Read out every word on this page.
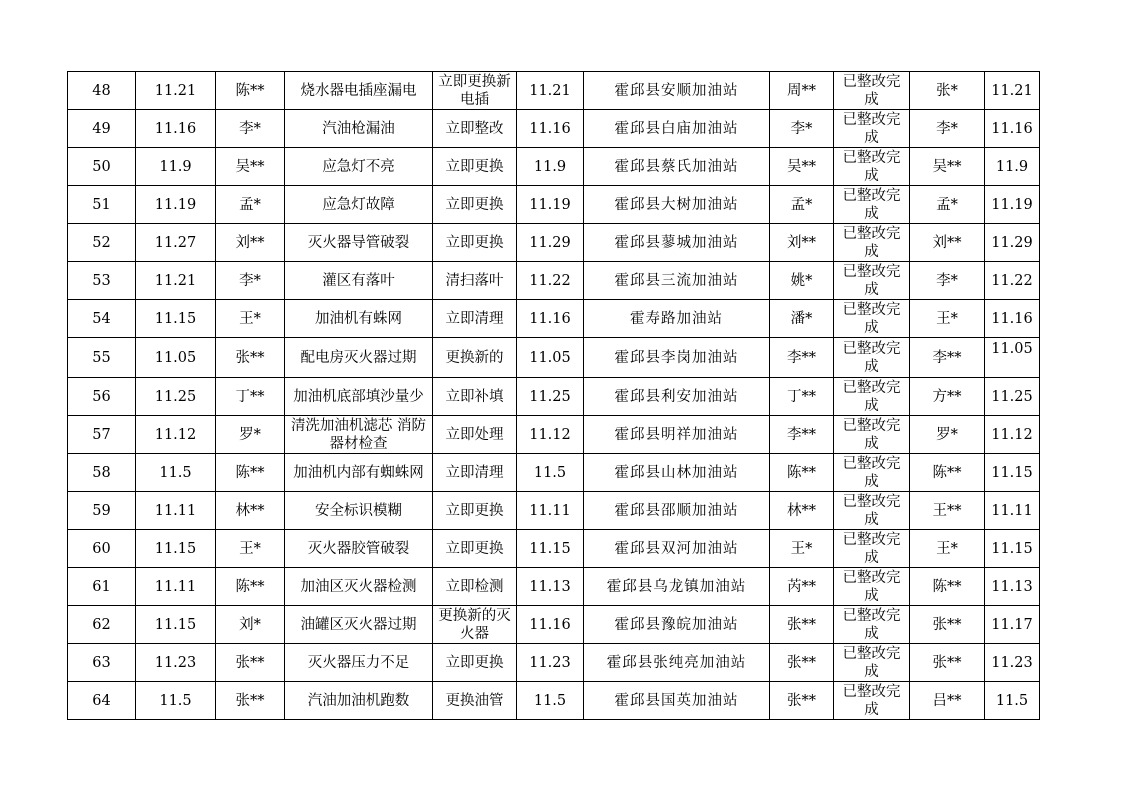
48	11.21	陈**	烧水器电插座漏电	立即更换新电插	11.21	霍邱县安顺加油站	周**	已整改完成	张*	11.21
49	11.16	李*	汽油枪漏油	立即整改	11.16	霍邱县白庙加油站	李*	已整改完成	李*	11.16
50	11.9	吴**	应急灯不亮	立即更换	11.9	霍邱县蔡氏加油站	吴**	已整改完成	吴**	11.9
51	11.19	孟*	应急灯故障	立即更换	11.19	霍邱县大树加油站	孟*	已整改完成	孟*	11.19
52	11.27	刘**	灭火器导管破裂	立即更换	11.29	霍邱县蓼城加油站	刘**	已整改完成	刘**	11.29
53	11.21	李*	灌区有落叶	清扫落叶	11.22	霍邱县三流加油站	姚*	已整改完成	李*	11.22
54	11.15	王*	加油机有蛛网	立即清理	11.16	霍寿路加油站	潘*	已整改完成	王*	11.16
55	11.05	张**	配电房灭火器过期	更换新的	11.05	霍邱县李岗加油站	李**	已整改完成	李**	11.05
56	11.25	丁**	加油机底部填沙量少	立即补填	11.25	霍邱县利安加油站	丁**	已整改完成	方**	11.25
57	11.12	罗*	清洗加油机滤芯 消防器材检查	立即处理	11.12	霍邱县明祥加油站	李**	已整改完成	罗*	11.12
58	11.5	陈**	加油机内部有蜘蛛网	立即清理	11.5	霍邱县山林加油站	陈**	已整改完成	陈**	11.15
59	11.11	林**	安全标识模糊	立即更换	11.11	霍邱县邵顺加油站	林**	已整改完成	王**	11.11
60	11.15	王*	灭火器胶管破裂	立即更换	11.15	霍邱县双河加油站	王*	已整改完成	王*	11.15
61	11.11	陈**	加油区灭火器检测	立即检测	11.13	霍邱县乌龙镇加油站	芮**	已整改完成	陈**	11.13
62	11.15	刘*	油罐区灭火器过期	更换新的灭火器	11.16	霍邱县豫皖加油站	张**	已整改完成	张**	11.17
63	11.23	张**	灭火器压力不足	立即更换	11.23	霍邱县张纯亮加油站	张**	已整改完成	张**	11.23
64	11.5	张**	汽油加油机跑数	更换油管	11.5	霍邱县国英加油站	张**	已整改完成	吕**	11.5
